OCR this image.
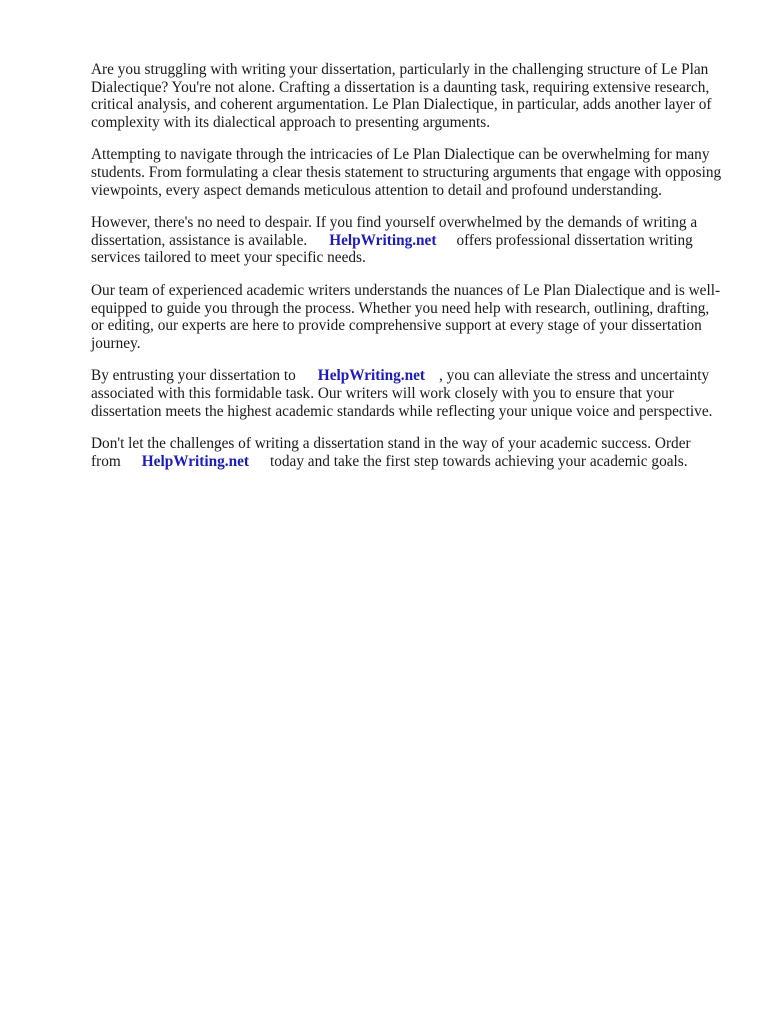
Are you struggling with writing your dissertation, particularly in the challenging structure of Le Plan Dialectique? You're not alone. Crafting a dissertation is a daunting task, requiring extensive research, critical analysis, and coherent argumentation. Le Plan Dialectique, in particular, adds another layer of complexity with its dialectical approach to presenting arguments.

Attempting to navigate through the intricacies of Le Plan Dialectique can be overwhelming for many students. From formulating a clear thesis statement to structuring arguments that engage with opposing viewpoints, every aspect demands meticulous attention to detail and profound understanding.

However, there's no need to despair. If you find yourself overwhelmed by the demands of writing a dissertation, assistance is available. HelpWriting.net offers professional dissertation writing services tailored to meet your specific needs.

Our team of experienced academic writers understands the nuances of Le Plan Dialectique and is well-equipped to guide you through the process. Whether you need help with research, outlining, drafting, or editing, our experts are here to provide comprehensive support at every stage of your dissertation journey.

By entrusting your dissertation to HelpWriting.net , you can alleviate the stress and uncertainty associated with this formidable task. Our writers will work closely with you to ensure that your dissertation meets the highest academic standards while reflecting your unique voice and perspective.

Don't let the challenges of writing a dissertation stand in the way of your academic success. Order from HelpWriting.net today and take the first step towards achieving your academic goals.
